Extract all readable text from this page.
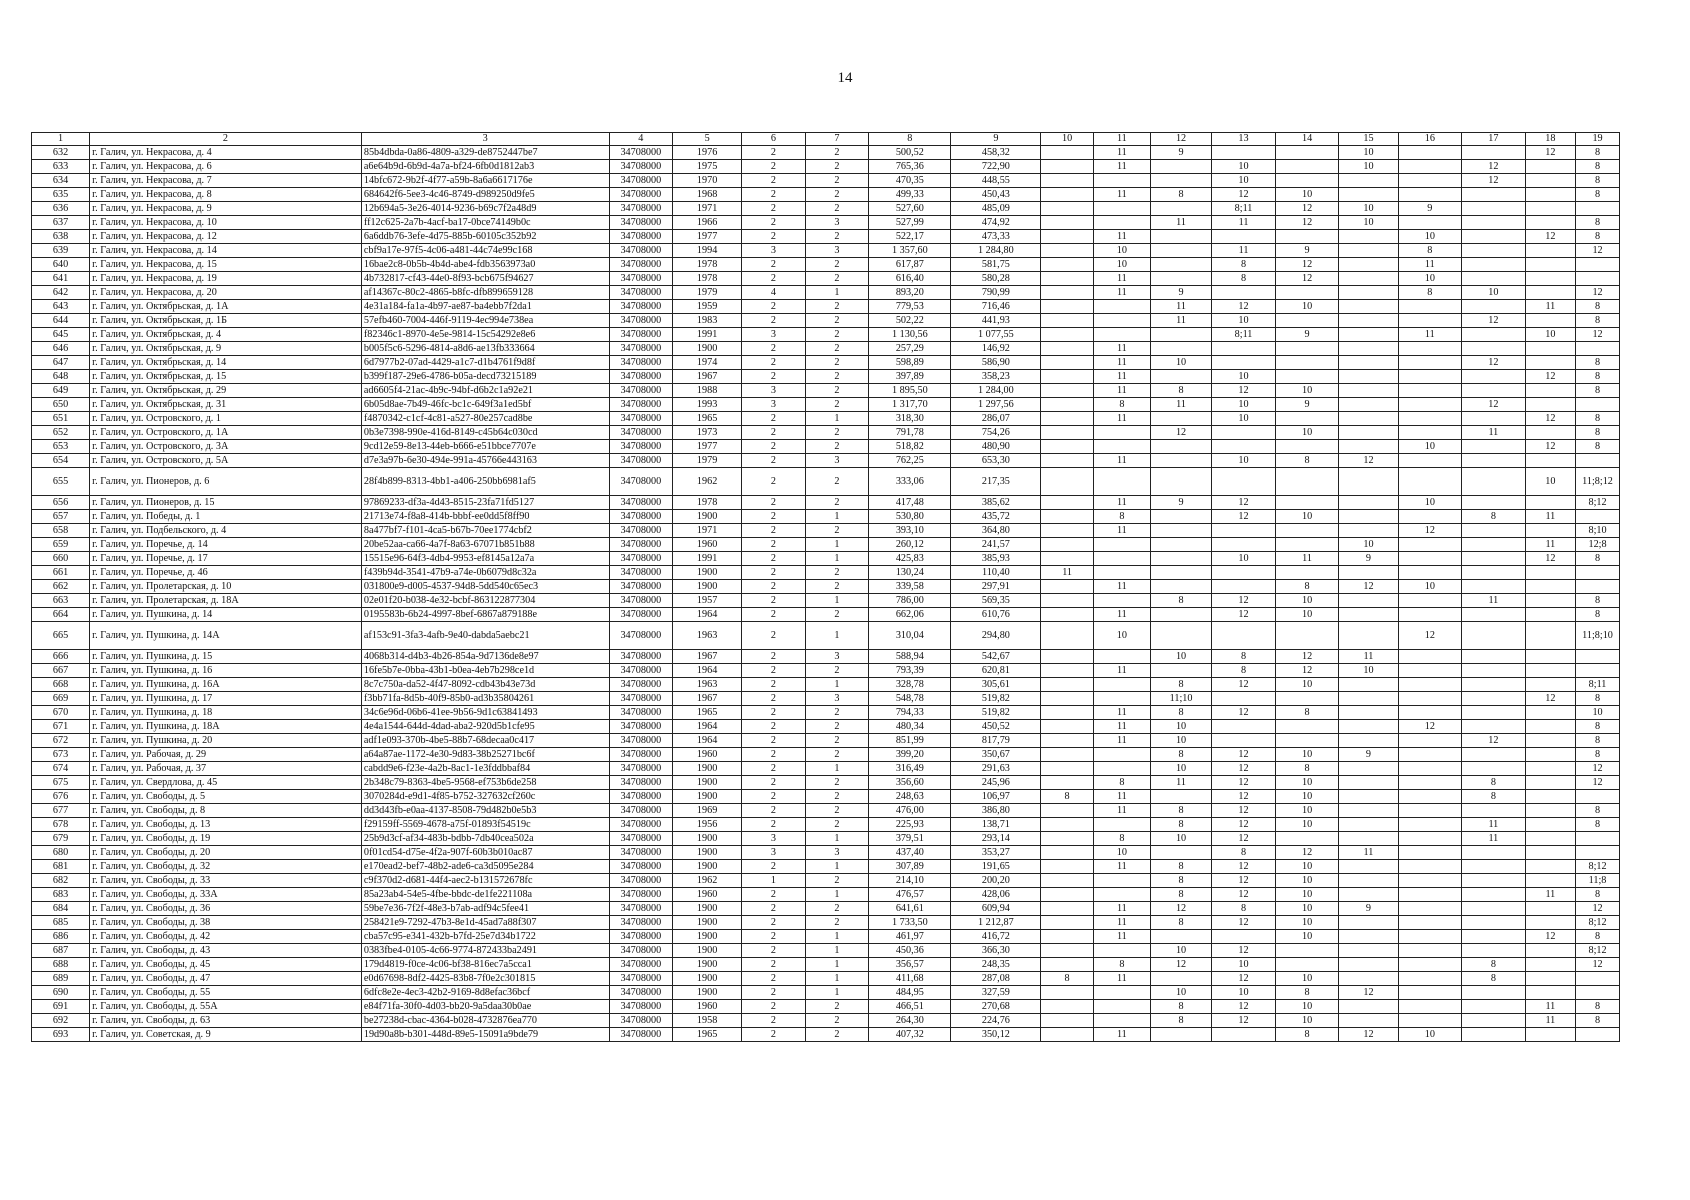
14
1	2	3	4	5	6	7	8	9	10	11	12	13	14	15	16	17	18	19
632	г. Галич, ул. Некрасова, д. 4	85b4dbda-0a86-4809-a329-de8752447be7	34708000	1976	2	2	500,52	458,32		11	9			10			12	8
633	г. Галич, ул. Некрасова, д. 6	a6e64b9d-6b9d-4a7a-bf24-6fb0d1812ab3	34708000	1975	2	2	765,36	722,90		11		10		10		12		8
634	г. Галич, ул. Некрасова, д. 7	14bfc672-9b2f-4f77-a59b-8a6a6617176e	34708000	1970	2	2	470,35	448,55				10				12		8
635	г. Галич, ул. Некрасова, д. 8	684642f6-5ee3-4c46-8749-d989250d9fe5	34708000	1968	2	2	499,33	450,43		11	8	12	10					8
636	г. Галич, ул. Некрасова, д. 9	12b694a5-3e26-4014-9236-b69c7f2a48d9	34708000	1971	2	2	527,60	485,09				8;11	12	10	9			
637	г. Галич, ул. Некрасова, д. 10	ff12c625-2a7b-4acf-ba17-0bce74149b0c	34708000	1966	2	3	527,99	474,92			11	11	12	10				8
638	г. Галич, ул. Некрасова, д. 12	6a6ddb76-3efe-4d75-885b-60105c352b92	34708000	1977	2	2	522,17	473,33		11					10		12	8
639	г. Галич, ул. Некрасова, д. 14	cbf9a17e-97f5-4c06-a481-44c74e99c168	34708000	1994	3	3	1 357,60	1 284,80		10		11	9		8			12
640	г. Галич, ул. Некрасова, д. 15	16bae2c8-0b5b-4b4d-abe4-fdb3563973a0	34708000	1978	2	2	617,87	581,75		10		8	12		11			
641	г. Галич, ул. Некрасова, д. 19	4b732817-cf43-44e0-8f93-bcb675f94627	34708000	1978	2	2	616,40	580,28		11		8	12		10			
642	г. Галич, ул. Некрасова, д. 20	af14367c-80c2-4865-b8fc-dfb899659128	34708000	1979	4	1	893,20	790,99		11	9				8	10		12
643	г. Галич, ул. Октябрьская, д. 1А	4e31a184-fa1a-4b97-ae87-ba4ebb7f2da1	34708000	1959	2	2	779,53	716,46			11	12	10				11	8
644	г. Галич, ул. Октябрьская, д. 1Б	57efb460-7004-446f-9119-4ec994e738ea	34708000	1983	2	2	502,22	441,93			11	10				12		8
645	г. Галич, ул. Октябрьская, д. 4	f82346c1-8970-4e5e-9814-15c54292e8e6	34708000	1991	3	2	1 130,56	1 077,55				8;11	9		11		10	12
646	г. Галич, ул. Октябрьская, д. 9	b005f5c6-5296-4814-a8d6-ae13fb333664	34708000	1900	2	2	257,29	146,92		11								
647	г. Галич, ул. Октябрьская, д. 14	6d7977b2-07ad-4429-a1c7-d1b4761f9d8f	34708000	1974	2	2	598,89	586,90		11	10					12		8
648	г. Галич, ул. Октябрьская, д. 15	b399f187-29e6-4786-b05a-decd73215189	34708000	1967	2	2	397,89	358,23		11		10					12	8
649	г. Галич, ул. Октябрьская, д. 29	ad6605f4-21ac-4b9c-94bf-d6b2c1a92e21	34708000	1988	3	2	1 895,50	1 284,00		11	8	12	10					8
650	г. Галич, ул. Октябрьская, д. 31	6b05d8ae-7b49-46fc-bc1c-649f3a1ed5bf	34708000	1993	3	2	1 317,70	1 297,56		8	11	10	9			12		
651	г. Галич, ул. Островского, д. 1	f4870342-c1cf-4c81-a527-80e257cad8be	34708000	1965	2	1	318,30	286,07		11		10					12	8
652	г. Галич, ул. Островского, д. 1А	0b3e7398-990e-416d-8149-c45b64c030cd	34708000	1973	2	2	791,78	754,26			12		10			11		8
653	г. Галич, ул. Островского, д. 3А	9cd12e59-8e13-44eb-b666-e51bbce7707e	34708000	1977	2	2	518,82	480,90							10		12	8
654	г. Галич, ул. Островского, д. 5А	d7e3a97b-6e30-494e-991a-45766e443163	34708000	1979	2	3	762,25	653,30		11		10	8	12				
655	г. Галич, ул. Пионеров, д. 6	28f4b899-8313-4bb1-a406-250bb6981af5	34708000	1962	2	2	333,06	217,35									10	11;8;12
656	г. Галич, ул. Пионеров, д. 15	97869233-df3a-4d43-8515-23fa71fd5127	34708000	1978	2	2	417,48	385,62		11	9	12			10			8;12
657	г. Галич, ул. Победы, д. 1	21713e74-f8a8-414b-bbbf-ee0dd5f8ff90	34708000	1900	2	1	530,80	435,72		8		12	10			8	11	
658	г. Галич, ул. Подбельского, д. 4	8a477bf7-f101-4ca5-b67b-70ee1774cbf2	34708000	1971	2	2	393,10	364,80		11					12			8;10
659	г. Галич, ул. Поречье, д. 14	20be52aa-ca66-4a7f-8a63-67071b851b88	34708000	1960	2	1	260,12	241,57						10			11	12;8
660	г. Галич, ул. Поречье, д. 17	15515e96-64f3-4db4-9953-ef8145a12a7a	34708000	1991	2	1	425,83	385,93				10	11	9			12	8
661	г. Галич, ул. Поречье, д. 46	f439b94d-3541-47b9-a74e-0b6079d8c32a	34708000	1900	2	2	130,24	110,40	11									
662	г. Галич, ул. Пролетарская, д. 10	031800e9-d005-4537-94d8-5dd540c65ec3	34708000	1900	2	2	339,58	297,91		11			8	12	10			
663	г. Галич, ул. Пролетарская, д. 18А	02e01f20-b038-4e32-bcbf-863122877304	34708000	1957	2	1	786,00	569,35			8	12	10			11		8
664	г. Галич, ул. Пушкина, д. 14	0195583b-6b24-4997-8bef-6867a879188e	34708000	1964	2	2	662,06	610,76		11		12	10					8
665	г. Галич, ул. Пушкина, д. 14А	af153c91-3fa3-4afb-9e40-dabda5aebc21	34708000	1963	2	1	310,04	294,80		10					12			11;8;10
666	г. Галич, ул. Пушкина, д. 15	4068b314-d4b3-4b26-854a-9d7136de8e97	34708000	1967	2	3	588,94	542,67			10	8	12	11				
667	г. Галич, ул. Пушкина, д. 16	16fe5b7e-0bba-43b1-b0ea-4eb7b298ce1d	34708000	1964	2	2	793,39	620,81		11		8	12	10				
668	г. Галич, ул. Пушкина, д. 16А	8c7c750a-da52-4f47-8092-cdb43b43e73d	34708000	1963	2	1	328,78	305,61			8	12	10					8;11
669	г. Галич, ул. Пушкина, д. 17	f3bb71fa-8d5b-40f9-85b0-ad3b35804261	34708000	1967	2	3	548,78	519,82			11;10						12	8
670	г. Галич, ул. Пушкина, д. 18	34c6e96d-06b6-41ee-9b56-9d1c63841493	34708000	1965	2	2	794,33	519,82		11	8	12	8					10
671	г. Галич, ул. Пушкина, д. 18А	4e4a1544-644d-4dad-aba2-920d5b1cfe95	34708000	1964	2	2	480,34	450,52		11	10				12			8
672	г. Галич, ул. Пушкина, д. 20	adf1e093-370b-4be5-88b7-68decaa0c417	34708000	1964	2	2	851,99	817,79		11	10					12		8
673	г. Галич, ул. Рабочая, д. 29	a64a87ae-1172-4e30-9d83-38b25271bc6f	34708000	1960	2	2	399,20	350,67			8	12	10	9				8
674	г. Галич, ул. Рабочая, д. 37	cabdd9e6-f23e-4a2b-8ac1-1e3fddbbaf84	34708000	1900	2	1	316,49	291,63			10	12	8					12
675	г. Галич, ул. Свердлова, д. 45	2b348c79-8363-4be5-9568-ef753b6de258	34708000	1900	2	2	356,60	245,96		8	11	12	10			8		12
676	г. Галич, ул. Свободы, д. 5	3070284d-e9d1-4f85-b752-327632cf260c	34708000	1900	2	2	248,63	106,97	8	11		12	10			8		
677	г. Галич, ул. Свободы, д. 8	dd3d43fb-e0aa-4137-8508-79d482b0e5b3	34708000	1969	2	2	476,00	386,80		11	8	12	10					8
678	г. Галич, ул. Свободы, д. 13	f29159ff-5569-4678-a75f-01893f54519c	34708000	1956	2	2	225,93	138,71			8	12	10			11		8
679	г. Галич, ул. Свободы, д. 19	25b9d3cf-af34-483b-bdbb-7db40cea502a	34708000	1900	3	1	379,51	293,14		8	10	12				11		
680	г. Галич, ул. Свободы, д. 20	0f01cd54-d75e-4f2a-907f-60b3b010ac87	34708000	1900	3	3	437,40	353,27		10		8	12	11				
681	г. Галич, ул. Свободы, д. 32	e170ead2-bef7-48b2-ade6-ca3d5095e284	34708000	1900	2	1	307,89	191,65		11	8	12	10					8;12
682	г. Галич, ул. Свободы, д. 33	c9f370d2-d681-44f4-aec2-b131572678fc	34708000	1962	1	2	214,10	200,20			8	12	10					11;8
683	г. Галич, ул. Свободы, д. 33А	85a23ab4-54e5-4fbe-bbdc-de1fe221108a	34708000	1960	2	1	476,57	428,06			8	12	10				11	8
684	г. Галич, ул. Свободы, д. 36	59be7e36-7f2f-48e3-b7ab-adf94c5fee41	34708000	1900	2	2	641,61	609,94		11	12	8	10	9				12
685	г. Галич, ул. Свободы, д. 38	258421e9-7292-47b3-8e1d-45ad7a88f307	34708000	1900	2	2	1 733,50	1 212,87		11	8	12	10					8;12
686	г. Галич, ул. Свободы, д. 42	cba57c95-e341-432b-b7fd-25e7d34b1722	34708000	1900	2	1	461,97	416,72		11			10				12	8
687	г. Галич, ул. Свободы, д. 43	0383fbe4-0105-4c66-9774-872433ba2491	34708000	1900	2	1	450,36	366,30			10	12						8;12
688	г. Галич, ул. Свободы, д. 45	179d4819-f0ce-4c06-bf38-816ec7a5cca1	34708000	1900	2	1	356,57	248,35		8	12	10				8		12
689	г. Галич, ул. Свободы, д. 47	e0d67698-8df2-4425-83b8-7f0e2c301815	34708000	1900	2	1	411,68	287,08	8	11		12	10			8		
690	г. Галич, ул. Свободы, д. 55	6dfc8e2e-4ec3-42b2-9169-8d8efac36bcf	34708000	1900	2	1	484,95	327,59			10	10	8	12				
691	г. Галич, ул. Свободы, д. 55А	e84f71fa-30f0-4d03-bb20-9a5daa30b0ae	34708000	1960	2	2	466,51	270,68			8	12	10				11	8
692	г. Галич, ул. Свободы, д. 63	be27238d-cbac-4364-b028-4732876ea770	34708000	1958	2	2	264,30	224,76			8	12	10				11	8
693	г. Галич, ул. Советская, д. 9	19d90a8b-b301-448d-89e5-15091a9bde79	34708000	1965	2	2	407,32	350,12		11			8	12	10			
